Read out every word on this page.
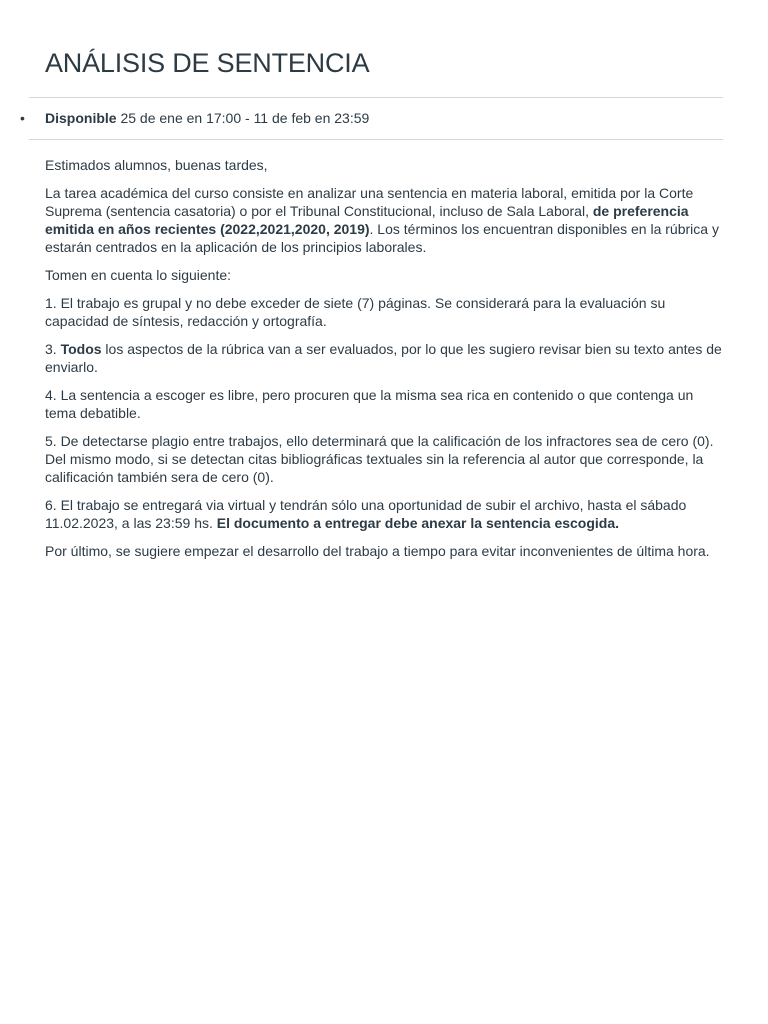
ANÁLISIS DE SENTENCIA
• Disponible 25 de ene en 17:00 - 11 de feb en 23:59

Estimados alumnos, buenas tardes,

La tarea académica del curso consiste en analizar una sentencia en materia laboral, emitida por la Corte Suprema (sentencia casatoria) o por el Tribunal Constitucional, incluso de Sala Laboral, de preferencia emitida en años recientes (2022,2021,2020, 2019). Los términos los encuentran disponibles en la rúbrica y estarán centrados en la aplicación de los principios laborales.

Tomen en cuenta lo siguiente:

1. El trabajo es grupal y no debe exceder de siete (7) páginas. Se considerará para la evaluación su capacidad de síntesis, redacción y ortografía.

3. Todos los aspectos de la rúbrica van a ser evaluados, por lo que les sugiero revisar bien su texto antes de enviarlo.

4. La sentencia a escoger es libre, pero procuren que la misma sea rica en contenido o que contenga un tema debatible.

5. De detectarse plagio entre trabajos, ello determinará que la calificación de los infractores sea de cero (0). Del mismo modo, si se detectan citas bibliográficas textuales sin la referencia al autor que corresponde, la calificación también sera de cero (0).

6. El trabajo se entregará via virtual y tendrán sólo una oportunidad de subir el archivo, hasta el sábado 11.02.2023, a las 23:59 hs. El documento a entregar debe anexar la sentencia escogida.

Por último, se sugiere empezar el desarrollo del trabajo a tiempo para evitar inconvenientes de última hora.
